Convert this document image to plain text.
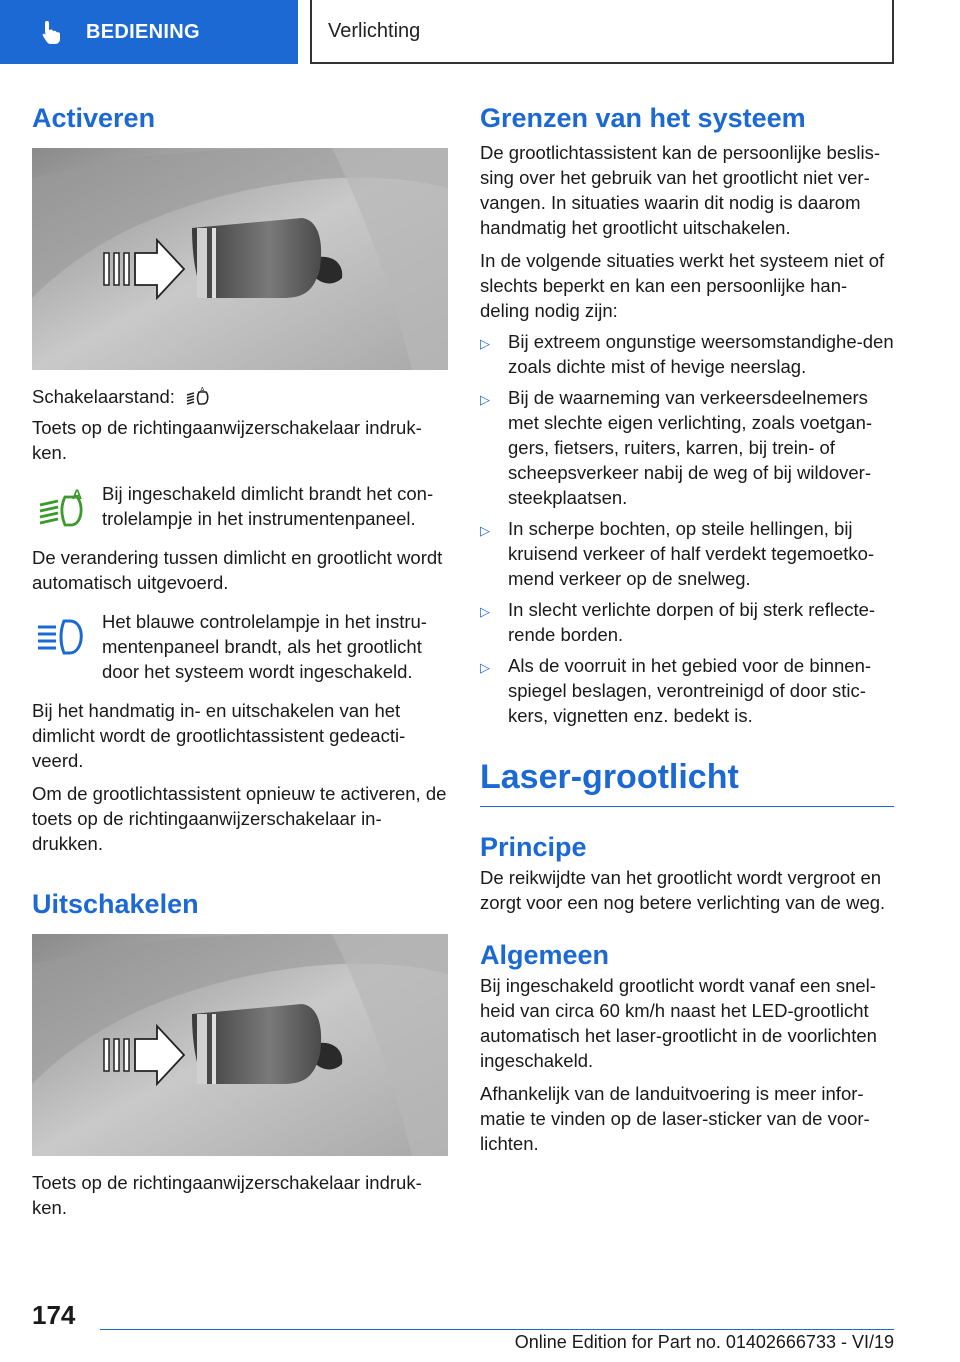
BEDIENING	Verlichting
Activeren

Schakelaarstand:	A

Toets op de richtingaanwijzerschakelaar indruk-ken.

A Bij ingeschakeld dimlicht brandt het con-trolelampje in het instrumentenpaneel.

De verandering tussen dimlicht en grootlicht wordt automatisch uitgevoerd.

Het blauwe controlelampje in het instru-mentenpaneel brandt, als het grootlicht door het systeem wordt ingeschakeld.

Bij het handmatig in- en uitschakelen van het dimlicht wordt de grootlichtassistent gedeacti-veerd.

Om de grootlichtassistent opnieuw te activeren, de toets op de richtingaanwijzerschakelaar in-drukken.

Uitschakelen

Toets op de richtingaanwijzerschakelaar indruk-ken.

Grenzen van het systeem

De grootlichtassistent kan de persoonlijke beslis-sing over het gebruik van het grootlicht niet ver-vangen. In situaties waarin dit nodig is daarom handmatig het grootlicht uitschakelen.

In de volgende situaties werkt het systeem niet of slechts beperkt en kan een persoonlijke han-deling nodig zijn:

▷ Bij extreem ongunstige weersomstandighe-den zoals dichte mist of hevige neerslag.
▷ Bij de waarneming van verkeersdeelnemers met slechte eigen verlichting, zoals voetgan-gers, fietsers, ruiters, karren, bij trein- of scheepsverkeer nabij de weg of bij wildover-steekplaatsen.
▷ In scherpe bochten, op steile hellingen, bij kruisend verkeer of half verdekt tegemoetko-mend verkeer op de snelweg.
▷ In slecht verlichte dorpen of bij sterk reflecte-rende borden.
▷ Als de voorruit in het gebied voor de binnen-spiegel beslagen, verontreinigd of door stic-kers, vignetten enz. bedekt is.
Laser-grootlicht
Principe

De reikwijdte van het grootlicht wordt vergroot en zorgt voor een nog betere verlichting van de weg.

Algemeen

Bij ingeschakeld grootlicht wordt vanaf een snel-heid van circa 60 km/h naast het LED-grootlicht automatisch het laser-grootlicht in de voorlichten ingeschakeld.

Afhankelijk van de landuitvoering is meer infor-matie te vinden op de laser-sticker van de voor-lichten.

174
Online Edition for Part no. 01402666733 - VI/19
